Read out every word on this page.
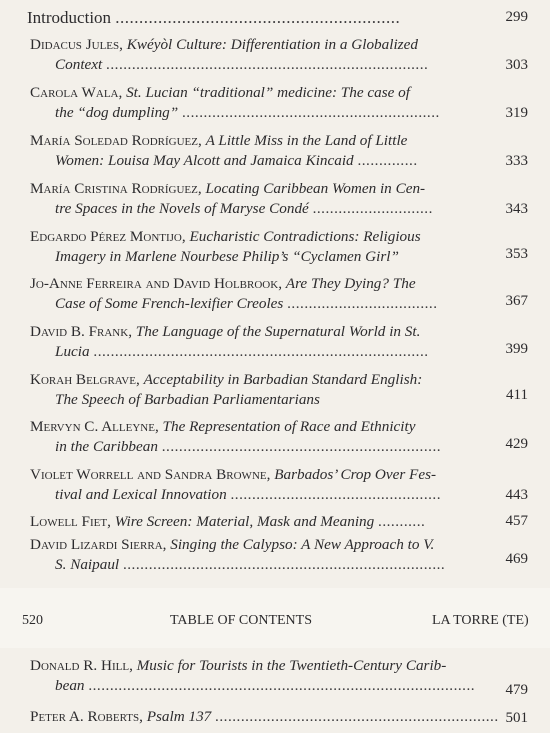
Introduction ............................................................	299
Didacus Jules, Kwéyòl Culture: Differentiation in a Globalized
Context ...........................................................................	303
Carola Wala, St. Lucian “traditional” medicine: The case of
the “dog dumpling” ............................................................	319
María Soledad Rodríguez, A Little Miss in the Land of Little
Women: Louisa May Alcott and Jamaica Kincaid ..............	333
María Cristina Rodríguez, Locating Caribbean Women in Cen-
tre Spaces in the Novels of Maryse Condé ............................	343
Edgardo Pérez Montijo, Eucharistic Contradictions: Religious
Imagery in Marlene Nourbese Philip’s “Cyclamen Girl”	353
Jo-Anne Ferreira and David Holbrook, Are They Dying? The
Case of Some French-lexifier Creoles ...................................	367
David B. Frank, The Language of the Supernatural World in St.
Lucia ..............................................................................	399
Korah Belgrave, Acceptability in Barbadian Standard English:
The Speech of Barbadian Parliamentarians	411
Mervyn C. Alleyne, The Representation of Race and Ethnicity
in the Caribbean .................................................................	429
Violet Worrell and Sandra Browne, Barbados’ Crop Over Fes-
tival and Lexical Innovation .................................................	443
Lowell Fiet, Wire Screen: Material, Mask and Meaning ...........	457
David Lizardi Sierra, Singing the Calypso: A New Approach to V.
S. Naipaul ...........................................................................	469
520	TABLE OF CONTENTS	LA TORRE (TE)
Donald R. Hill, Music for Tourists in the Twentieth-Century Carib-
bean ..........................................................................................	479
Peter A. Roberts, Psalm 137 .................................................................. 501
